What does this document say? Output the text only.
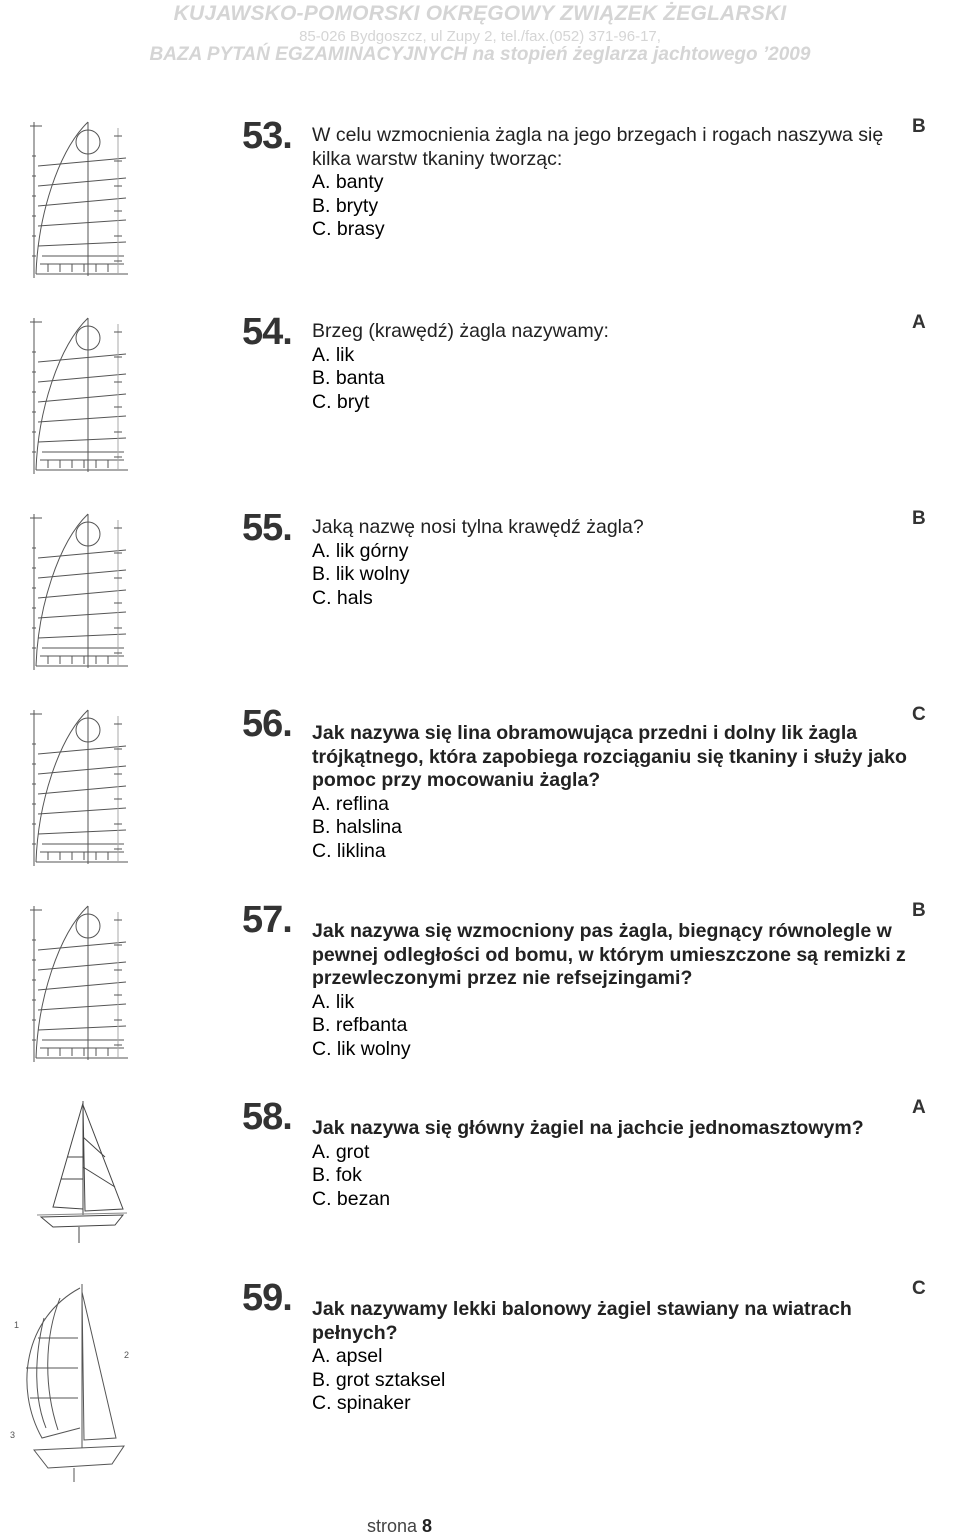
KUJAWSKO-POMORSKI OKRĘGOWY ZWIĄZEK ŻEGLARSKI
85-026 Bydgoszcz, ul Zupy 2, tel./fax.(052) 371-96-17,
BAZA PYTAŃ EGZAMINACYJNYCH na stopień żeglarza jachtowego ’2009
53. W celu wzmocnienia żagla na jego brzegach i rogach naszywa się kilka warstw tkaniny tworząc:

A. banty
B. bryty
C. brasy
B
54. Brzeg (krawędź) żagla nazywamy:

A. lik
B. banta
C. bryt
A
55. Jaką nazwę nosi tylna krawędź żagla?

A. lik górny
B. lik wolny
C. hals
B
56. Jak nazywa się lina obramowująca przedni i dolny lik żagla trójkątnego, która zapobiega rozciąganiu się tkaniny i służy jako pomoc przy mocowaniu żagla?

A. reflina
B. halslina
C. liklina
C
57. Jak nazywa się wzmocniony pas żagla, biegnący równolegle w pewnej odległości od bomu, w którym umieszczone są remizki z przewleczonymi przez nie refsejzingami?

A. lik
B. refbanta
C. lik wolny
B
58. Jak nazywa się główny żagiel na jachcie jednomasztowym?

A. grot
B. fok
C. bezan
A
1
2
3
59. Jak nazywamy lekki balonowy żagiel stawiany na wiatrach pełnych?

A. apsel
B. grot sztaksel
C. spinaker
C
strona 8
